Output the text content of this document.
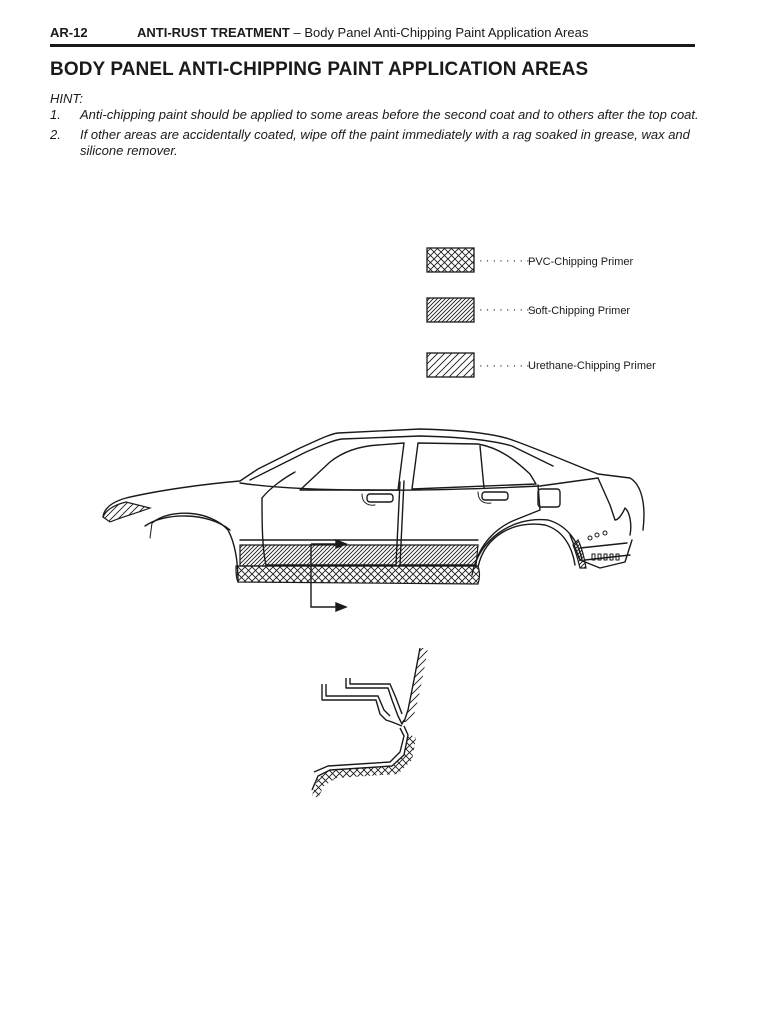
AR-12	ANTI-RUST TREATMENT – Body Panel Anti-Chipping Paint Application Areas
BODY PANEL ANTI-CHIPPING PAINT APPLICATION AREAS
HINT:
1. Anti-chipping paint should be applied to some areas before the second coat and to others after the top coat.
2. If other areas are accidentally coated, wipe off the paint immediately with a rag soaked in grease, wax and silicone remover.
· · · · · · · · ·
PVC-Chipping Primer
· · · · · · · · ·
Soft-Chipping Primer
· · · · · · · · ·
Urethane-Chipping Primer
